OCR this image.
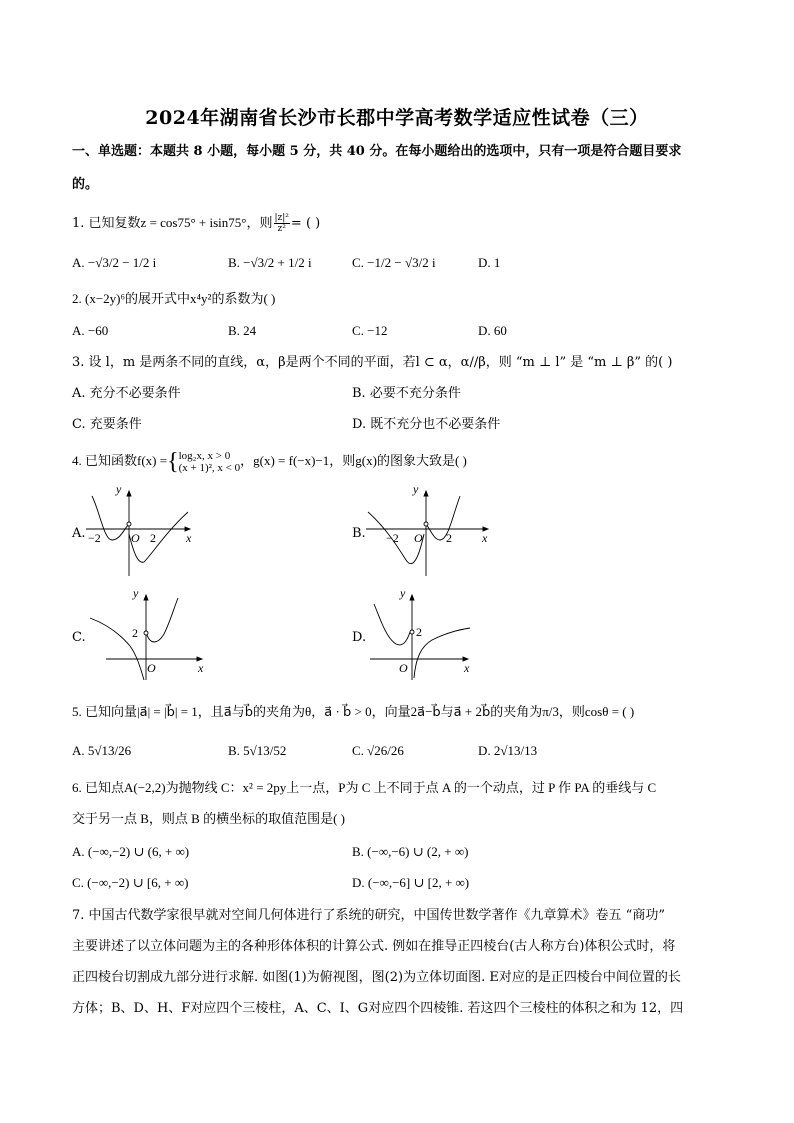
2024年湖南省长沙市长郡中学高考数学适应性试卷（三）
一、单选题：本题共 8 小题，每小题 5 分，共 40 分。在每小题给出的选项中，只有一项是符合题目要求
的。
1. 已知复数z = cos75° + isin75°，则 $\frac{\text{|z|²}}{\text{z²}}$ = ( )
A. −√3/2 − 1/2 i	B. −√3/2 + 1/2 i	C. −1/2 − √3/2 i	D. 1
2. (x−2y)⁶的展开式中x⁴y²的系数为( )
A. −60	B. 24	C. −12	D. 60
3. 设 l，m 是两条不同的直线，α，β是两个不同的平面，若l ⊂ α，α//β，则 “m ⊥ l” 是 “m ⊥ β” 的( )
A. 充分不必要条件	B. 必要不充分条件
C. 充要条件	D. 既不充分也不必要条件
4. 已知函数f(x) ={ log₂x, x > 0
(x + 1)², x < 0
，g(x) = f(−x)−1，则g(x)的图象大致是( )
A.
y
−2	O 2	x	B.
y
−2 O 2	x
C.
y
2
O	x
D.
y
2
O	x
5. 已知向量|a⃗| = |b⃗| = 1，且a⃗与b⃗的夹角为θ，a⃗ · b⃗ > 0，向量2a⃗−b⃗与a⃗ + 2b⃗的夹角为π/3，则cosθ = ( )
A. 5√13/26	B. 5√13/52	C. √26/26	D. 2√13/13
6. 已知点A(−2,2)为抛物线 C：x² = 2py上一点，P为 C 上不同于点 A 的一个动点，过 P 作 PA 的垂线与 C
交于另一点 B，则点 B 的横坐标的取值范围是( )
A. (−∞,−2) ∪ (6, + ∞)	B. (−∞,−6) ∪ (2, + ∞)
C. (−∞,−2) ∪ [6, + ∞)	D. (−∞,−6] ∪ [2, + ∞)
7. 中国古代数学家很早就对空间几何体进行了系统的研究，中国传世数学著作《九章算术》卷五 “商功”
主要讲述了以立体问题为主的各种形体体积的计算公式. 例如在推导正四棱台(古人称方台)体积公式时，将
正四棱台切割成九部分进行求解. 如图(1)为俯视图，图(2)为立体切面图. E对应的是正四棱台中间位置的长
方体；B、D、H、F对应四个三棱柱，A、C、I、G对应四个四棱锥. 若这四个三棱柱的体积之和为 12，四
